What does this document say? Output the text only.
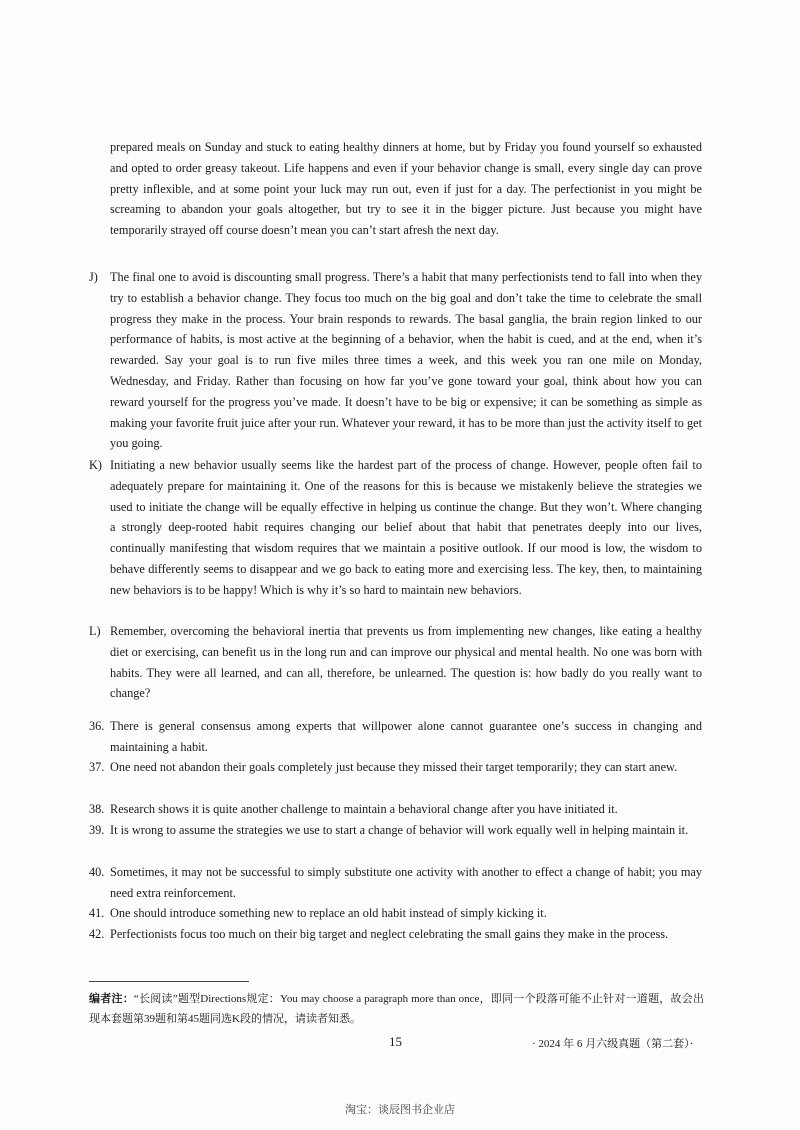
prepared meals on Sunday and stuck to eating healthy dinners at home, but by Friday you found yourself so exhausted and opted to order greasy takeout. Life happens and even if your behavior change is small, every single day can prove pretty inflexible, and at some point your luck may run out, even if just for a day. The perfectionist in you might be screaming to abandon your goals altogether, but try to see it in the bigger picture. Just because you might have temporarily strayed off course doesn’t mean you can’t start afresh the next day.
J) The final one to avoid is discounting small progress. There’s a habit that many perfectionists tend to fall into when they try to establish a behavior change. They focus too much on the big goal and don’t take the time to celebrate the small progress they make in the process. Your brain responds to rewards. The basal ganglia, the brain region linked to our performance of habits, is most active at the beginning of a behavior, when the habit is cued, and at the end, when it’s rewarded. Say your goal is to run five miles three times a week, and this week you ran one mile on Monday, Wednesday, and Friday. Rather than focusing on how far you’ve gone toward your goal, think about how you can reward yourself for the progress you’ve made. It doesn’t have to be big or expensive; it can be something as simple as making your favorite fruit juice after your run. Whatever your reward, it has to be more than just the activity itself to get you going.
K) Initiating a new behavior usually seems like the hardest part of the process of change. However, people often fail to adequately prepare for maintaining it. One of the reasons for this is because we mistakenly believe the strategies we used to initiate the change will be equally effective in helping us continue the change. But they won’t. Where changing a strongly deep-rooted habit requires changing our belief about that habit that penetrates deeply into our lives, continually manifesting that wisdom requires that we maintain a positive outlook. If our mood is low, the wisdom to behave differently seems to disappear and we go back to eating more and exercising less. The key, then, to maintaining new behaviors is to be happy! Which is why it’s so hard to maintain new behaviors.
L) Remember, overcoming the behavioral inertia that prevents us from implementing new changes, like eating a healthy diet or exercising, can benefit us in the long run and can improve our physical and mental health. No one was born with habits. They were all learned, and can all, therefore, be unlearned. The question is: how badly do you really want to change?
36. There is general consensus among experts that willpower alone cannot guarantee one’s success in changing and maintaining a habit.
37. One need not abandon their goals completely just because they missed their target temporarily; they can start anew.
38. Research shows it is quite another challenge to maintain a behavioral change after you have initiated it.
39. It is wrong to assume the strategies we use to start a change of behavior will work equally well in helping maintain it.
40. Sometimes, it may not be successful to simply substitute one activity with another to effect a change of habit; you may need extra reinforcement.
41. One should introduce something new to replace an old habit instead of simply kicking it.
42. Perfectionists focus too much on their big target and neglect celebrating the small gains they make in the process.
编者注：“长阅读”题型Directions规定：You may choose a paragraph more than once，即同一个段落可能不止针对一道题，故会出现本套题第39题和第45题同选K段的情况，请读者知悉。
15	· 2024 年 6 月六级真题（第二套）·
淘宝：谈辰图书企业店
